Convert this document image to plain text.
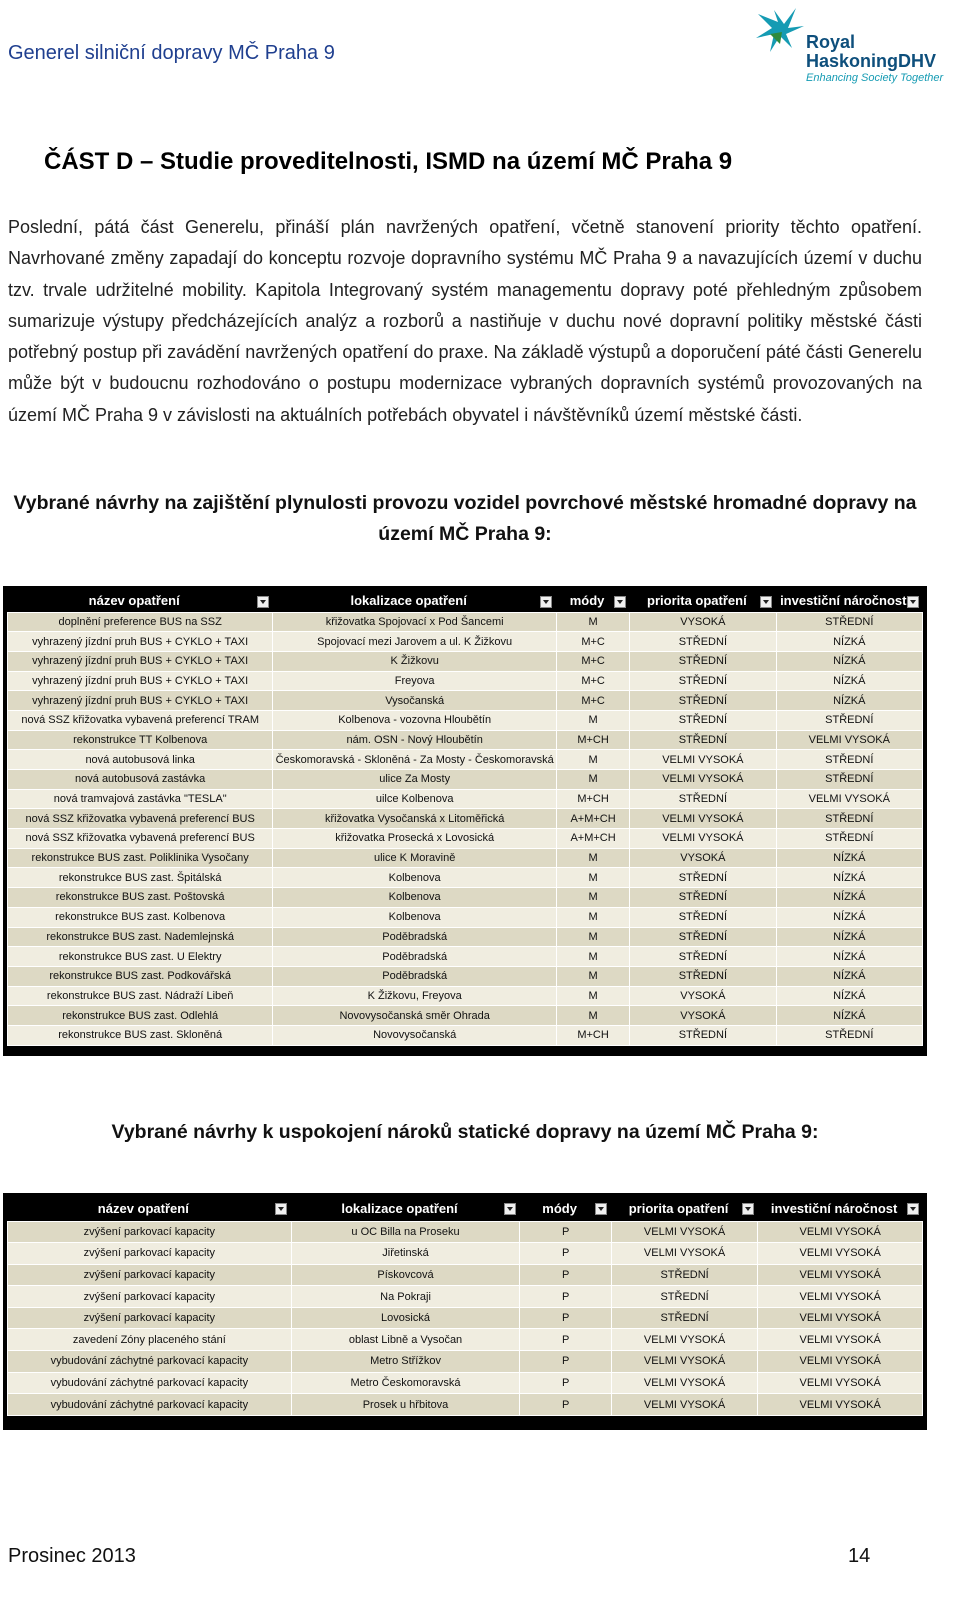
Generel silniční dopravy MČ Praha 9	Royal
HaskoningDHV
Enhancing Society Together
ČÁST D – Studie proveditelnosti, ISMD na území MČ Praha 9

Poslední, pátá část Generelu, přináší plán navržených opatření, včetně stanovení priority těchto opatření. Navrhované změny zapadají do konceptu rozvoje dopravního systému MČ Praha 9 a navazujících území v duchu tzv. trvale udržitelné mobility. Kapitola Integrovaný systém managementu dopravy poté přehledným způsobem sumarizuje výstupy předcházejících analýz a rozborů a nastiňuje v duchu nové dopravní politiky městské části potřebný postup při zavádění navržených opatření do praxe. Na základě výstupů a doporučení páté části Generelu může být v budoucnu rozhodováno o postupu modernizace vybraných dopravních systémů provozovaných na území MČ Praha 9 v závislosti na aktuálních potřebách obyvatel i návštěvníků území městské části.

Vybrané návrhy na zajištění plynulosti provozu vozidel povrchové městské hromadné dopravy na území MČ Praha 9:
název opatření	lokalizace opatření	módy	priorita opatření	investiční náročnost

doplnění preference BUS na SSZ	křižovatka Spojovací x Pod Šancemi	M	VYSOKÁ	STŘEDNÍ
vyhrazený jízdní pruh BUS + CYKLO + TAXI	Spojovací mezi Jarovem a ul. K Žižkovu	M+C	STŘEDNÍ	NÍZKÁ
vyhrazený jízdní pruh BUS + CYKLO + TAXI	K Žižkovu	M+C	STŘEDNÍ	NÍZKÁ
vyhrazený jízdní pruh BUS + CYKLO + TAXI	Freyova	M+C	STŘEDNÍ	NÍZKÁ
vyhrazený jízdní pruh BUS + CYKLO + TAXI	Vysočanská	M+C	STŘEDNÍ	NÍZKÁ
nová SSZ křižovatka vybavená preferencí TRAM	Kolbenova - vozovna Hloubětín	M	STŘEDNÍ	STŘEDNÍ
rekonstrukce TT Kolbenova	nám. OSN - Nový Hloubětín	M+CH	STŘEDNÍ	VELMI VYSOKÁ
nová autobusová linka	Českomoravská - Skloněná - Za Mosty - Českomoravská	M	VELMI VYSOKÁ	STŘEDNÍ
nová autobusová zastávka	ulice Za Mosty	M	VELMI VYSOKÁ	STŘEDNÍ
nová tramvajová zastávka "TESLA"	uilce Kolbenova	M+CH	STŘEDNÍ	VELMI VYSOKÁ
nová SSZ křižovatka vybavená preferencí BUS	křižovatka Vysočanská x Litoměřická	A+M+CH	VELMI VYSOKÁ	STŘEDNÍ
nová SSZ křižovatka vybavená preferencí BUS	křižovatka Prosecká x Lovosická	A+M+CH	VELMI VYSOKÁ	STŘEDNÍ
rekonstrukce BUS zast. Poliklinika Vysočany	ulice K Moravině	M	VYSOKÁ	NÍZKÁ
rekonstrukce BUS zast. Špitálská	Kolbenova	M	STŘEDNÍ	NÍZKÁ
rekonstrukce BUS zast. Poštovská	Kolbenova	M	STŘEDNÍ	NÍZKÁ
rekonstrukce BUS zast. Kolbenova	Kolbenova	M	STŘEDNÍ	NÍZKÁ
rekonstrukce BUS zast. Nademlejnská	Poděbradská	M	STŘEDNÍ	NÍZKÁ
rekonstrukce BUS zast. U Elektry	Poděbradská	M	STŘEDNÍ	NÍZKÁ
rekonstrukce BUS zast. Podkovářská	Poděbradská	M	STŘEDNÍ	NÍZKÁ
rekonstrukce BUS zast. Nádraží Libeň	K Žižkovu, Freyova	M	VYSOKÁ	NÍZKÁ
rekonstrukce BUS zast. Odlehlá	Novovysočanská směr Ohrada	M	VYSOKÁ	NÍZKÁ
rekonstrukce BUS zast. Skloněná	Novovysočanská	M+CH	STŘEDNÍ	STŘEDNÍ
Vybrané návrhy k uspokojení nároků statické dopravy na území MČ Praha 9:
název opatření	lokalizace opatření	módy	priorita opatření	investiční náročnost

zvýšení parkovací kapacity	u OC Billa na Proseku	P	VELMI VYSOKÁ	VELMI VYSOKÁ
zvýšení parkovací kapacity	Jiřetinská	P	VELMI VYSOKÁ	VELMI VYSOKÁ
zvýšení parkovací kapacity	Pískovcová	P	STŘEDNÍ	VELMI VYSOKÁ
zvýšení parkovací kapacity	Na Pokraji	P	STŘEDNÍ	VELMI VYSOKÁ
zvýšení parkovací kapacity	Lovosická	P	STŘEDNÍ	VELMI VYSOKÁ
zavedení Zóny placeného stání	oblast Libně a Vysočan	P	VELMI VYSOKÁ	VELMI VYSOKÁ
vybudování záchytné parkovací kapacity	Metro Střížkov	P	VELMI VYSOKÁ	VELMI VYSOKÁ
vybudování záchytné parkovací kapacity	Metro Českomoravská	P	VELMI VYSOKÁ	VELMI VYSOKÁ
vybudování záchytné parkovací kapacity	Prosek u hřbitova	P	VELMI VYSOKÁ	VELMI VYSOKÁ
Prosinec 2013	14
